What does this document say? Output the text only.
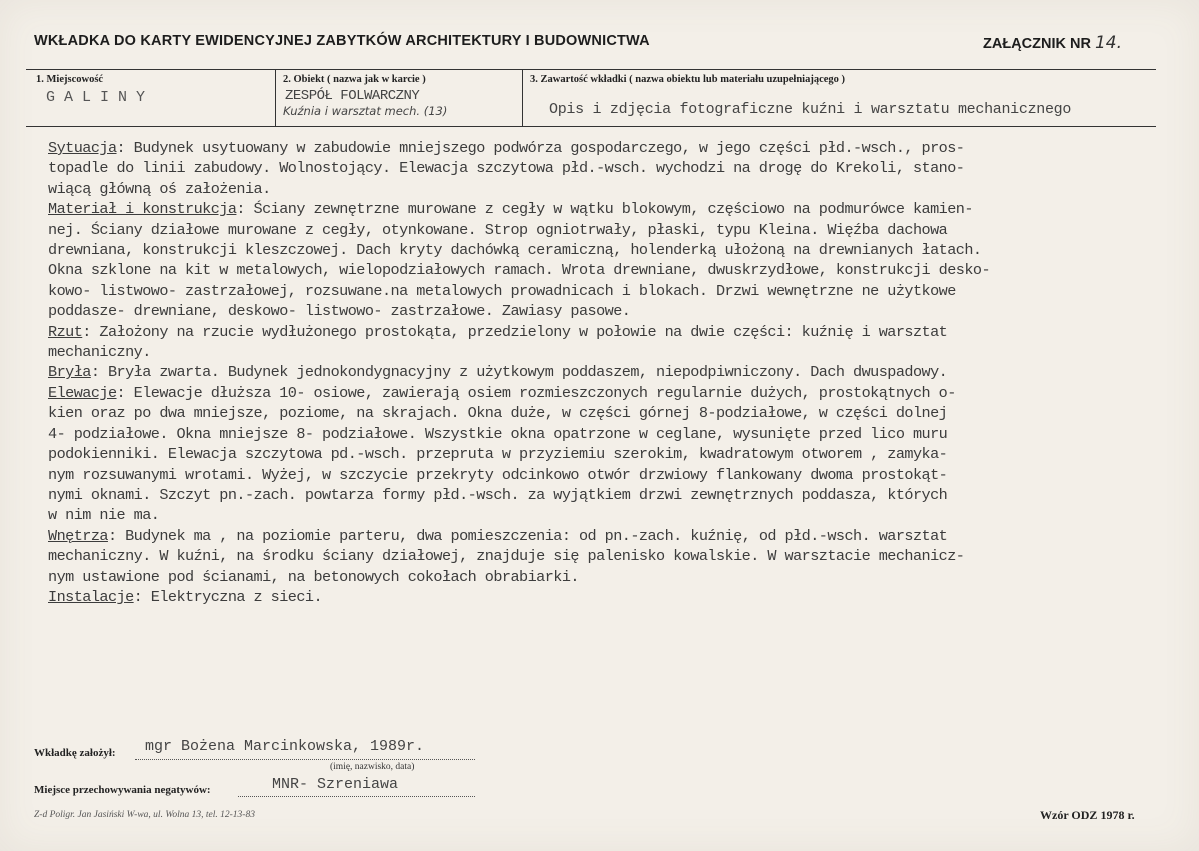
WKŁADKA DO KARTY EWIDENCYJNEJ ZABYTKÓW ARCHITEKTURY I BUDOWNICTWA	ZAŁĄCZNIK NR 14.
1. Miejscowość
GALINY
2. Obiekt ( nazwa jak w karcie )
ZESPÓŁ FOLWARCZNY
Kuźnia i warsztat mech. (13)
3. Zawartość wkładki ( nazwa obiektu lub materiału uzupełniającego )
Opis i zdjęcia fotograficzne kuźni i warsztatu mechanicznego
Sytuacja: Budynek usytuowany w zabudowie mniejszego podwórza gospodarczego, w jego części płd.-wsch., pros-
topadle do linii zabudowy. Wolnostojący. Elewacja szczytowa płd.-wsch. wychodzi na drogę do Krekoli, stano-
wiącą główną oś założenia.
Materiał i konstrukcja: Ściany zewnętrzne murowane z cegły w wątku blokowym, częściowo na podmurówce kamien-
nej. Ściany działowe murowane z cegły, otynkowane. Strop ogniotrwały, płaski, typu Kleina. Więźba dachowa
drewniana, konstrukcji kleszczowej. Dach kryty dachówką ceramiczną, holenderką ułożoną na drewnianych łatach.
Okna szklone na kit w metalowych, wielopodziałowych ramach. Wrota drewniane, dwuskrzydłowe, konstrukcji desko-
kowo- listwowo- zastrzałowej, rozsuwane.na metalowych prowadnicach i blokach. Drzwi wewnętrzne ne użytkowe
poddasze- drewniane, deskowo- listwowo- zastrzałowe. Zawiasy pasowe.
Rzut: Założony na rzucie wydłużonego prostokąta, przedzielony w połowie na dwie części: kuźnię i warsztat
mechaniczny.
Bryła: Bryła zwarta. Budynek jednokondygnacyjny z użytkowym poddaszem, niepodpiwniczony. Dach dwuspadowy.
Elewacje: Elewacje dłuższa 10- osiowe, zawierają osiem rozmieszczonych regularnie dużych, prostokątnych o-
kien oraz po dwa mniejsze, poziome, na skrajach. Okna duże, w części górnej 8-podziałowe, w części dolnej
4- podziałowe. Okna mniejsze 8- podziałowe. Wszystkie okna opatrzone w ceglane, wysunięte przed lico muru
podokienniki. Elewacja szczytowa pd.-wsch. przepruta w przyziemiu szerokim, kwadratowym otworem , zamyka-
nym rozsuwanymi wrotami. Wyżej, w szczycie przekryty odcinkowo otwór drzwiowy flankowany dwoma prostokąt-
nymi oknami. Szczyt pn.-zach. powtarza formy płd.-wsch. za wyjątkiem drzwi zewnętrznych poddasza, których
w nim nie ma.
Wnętrza: Budynek ma , na poziomie parteru, dwa pomieszczenia: od pn.-zach. kuźnię, od płd.-wsch. warsztat
mechaniczny. W kuźni, na środku ściany działowej, znajduje się palenisko kowalskie. W warsztacie mechanicz-
nym ustawione pod ścianami, na betonowych cokołach obrabiarki.
Instalacje: Elektryczna z sieci.
Wkładkę założył: mgr Bożena Marcinkowska, 1989r.
(imię, nazwisko, data)
Miejsce przechowywania negatywów:	MNR- Szreniawa
Z-d Poligr. Jan Jasiński W-wa, ul. Wolna 13, tel. 12-13-83	Wzór ODZ 1978 r.
